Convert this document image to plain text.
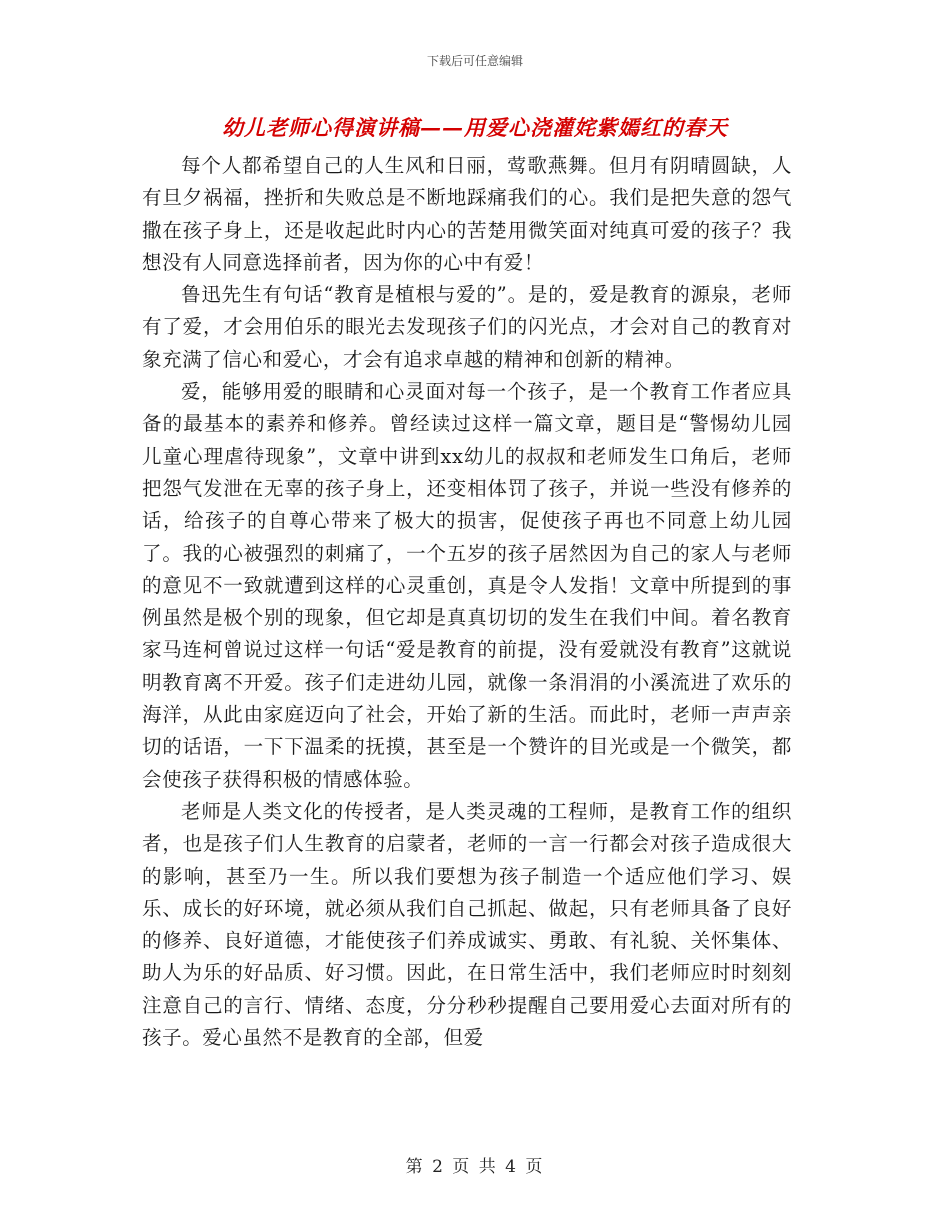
下载后可任意编辑
幼儿老师心得演讲稿——用爱心浇灌姹紫嫣红的春天

每个人都希望自己的人生风和日丽，莺歌燕舞。但月有阴晴圆缺，人有旦夕祸福，挫折和失败总是不断地踩痛我们的心。我们是把失意的怨气撒在孩子身上，还是收起此时内心的苦楚用微笑面对纯真可爱的孩子？我想没有人同意选择前者，因为你的心中有爱！

鲁迅先生有句话“教育是植根与爱的”。是的，爱是教育的源泉，老师有了爱，才会用伯乐的眼光去发现孩子们的闪光点，才会对自己的教育对象充满了信心和爱心，才会有追求卓越的精神和创新的精神。

爱，能够用爱的眼睛和心灵面对每一个孩子，是一个教育工作者应具备的最基本的素养和修养。曾经读过这样一篇文章，题目是“警惕幼儿园儿童心理虐待现象”，文章中讲到xx幼儿的叔叔和老师发生口角后，老师把怨气发泄在无辜的孩子身上，还变相体罚了孩子，并说一些没有修养的话，给孩子的自尊心带来了极大的损害，促使孩子再也不同意上幼儿园了。我的心被强烈的刺痛了，一个五岁的孩子居然因为自己的家人与老师的意见不一致就遭到这样的心灵重创，真是令人发指！文章中所提到的事例虽然是极个别的现象，但它却是真真切切的发生在我们中间。着名教育家马连柯曾说过这样一句话“爱是教育的前提，没有爱就没有教育”这就说明教育离不开爱。孩子们走进幼儿园，就像一条涓涓的小溪流进了欢乐的海洋，从此由家庭迈向了社会，开始了新的生活。而此时，老师一声声亲切的话语，一下下温柔的抚摸，甚至是一个赞许的目光或是一个微笑，都会使孩子获得积极的情感体验。

老师是人类文化的传授者，是人类灵魂的工程师，是教育工作的组织者，也是孩子们人生教育的启蒙者，老师的一言一行都会对孩子造成很大的影响，甚至乃一生。所以我们要想为孩子制造一个适应他们学习、娱乐、成长的好环境，就必须从我们自己抓起、做起，只有老师具备了良好的修养、良好道德，才能使孩子们养成诚实、勇敢、有礼貌、关怀集体、助人为乐的好品质、好习惯。因此，在日常生活中，我们老师应时时刻刻注意自己的言行、情绪、态度，分分秒秒提醒自己要用爱心去面对所有的孩子。爱心虽然不是教育的全部，但爱

第 2 页 共 4 页
